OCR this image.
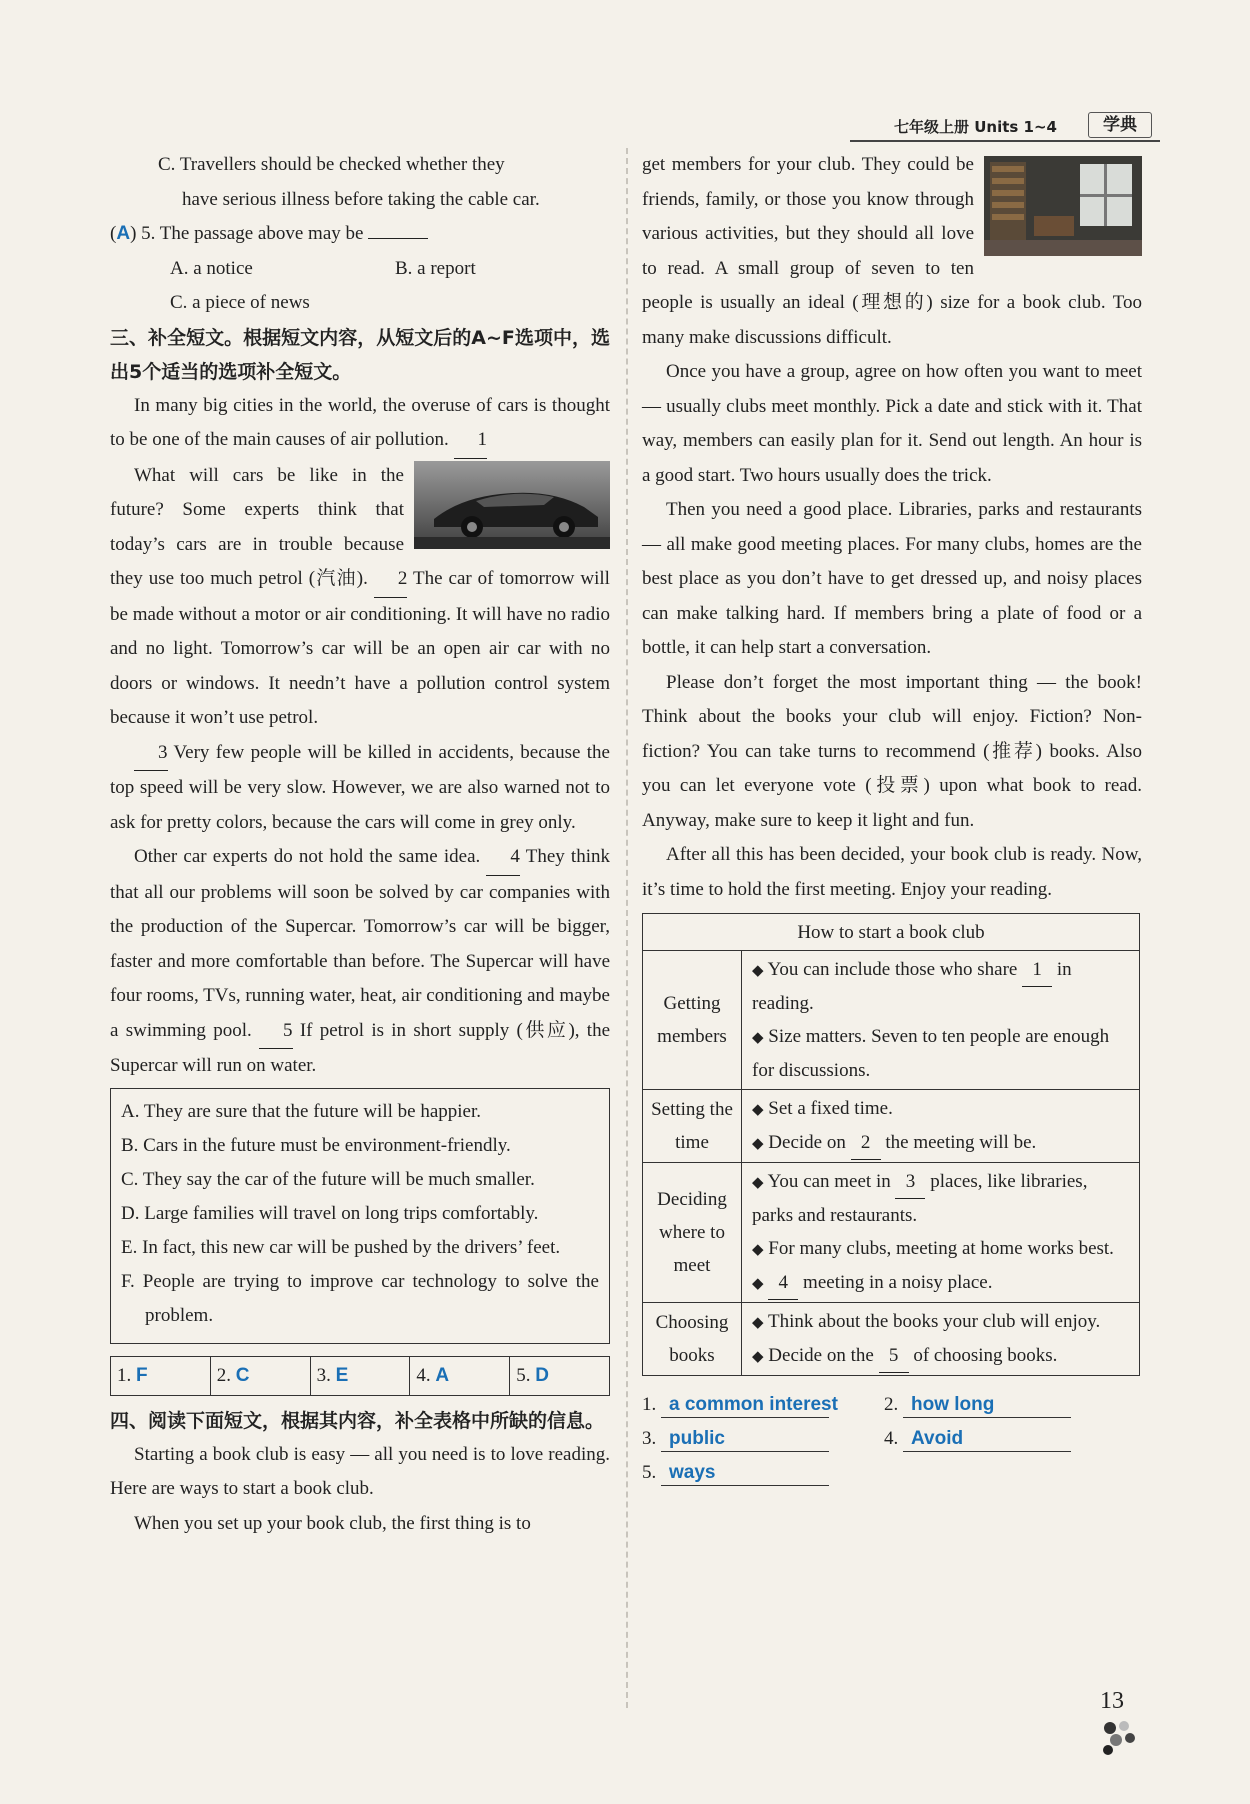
七年级上册 Units 1~4	学典

C. Travellers should be checked whether they

have serious illness before taking the cable car.

(A) 5. The passage above may be

A. a notice	B. a report

C. a piece of news

三、补全短文。根据短文内容，从短文后的A~F选项中，选出5个适当的选项补全短文。

In many big cities in the world, the overuse of cars is thought to be one of the main causes of air pollution. 1

What will cars be like in the future? Some experts think that today’s cars are in trouble because they use too much petrol (汽油). 2 The car of tomorrow will be made without a motor or air conditioning. It will have no radio and no light. Tomorrow’s car will be an open air car with no doors or windows. It needn’t have a pollution control system because it won’t use petrol.

3 Very few people will be killed in accidents, because the top speed will be very slow. However, we are also warned not to ask for pretty colors, because the cars will come in grey only.

Other car experts do not hold the same idea. 4 They think that all our problems will soon be solved by car companies with the production of the Supercar. Tomorrow’s car will be bigger, faster and more comfortable than before. The Supercar will have four rooms, TVs, running water, heat, air conditioning and maybe a swimming pool. 5 If petrol is in short supply (供应), the Supercar will run on water.

A. They are sure that the future will be happier.

B. Cars in the future must be environment-friendly.

C. They say the car of the future will be much smaller.

D. Large families will travel on long trips comfortably.

E. In fact, this new car will be pushed by the drivers’ feet.

F. People are trying to improve car technology to solve the problem.

1. F	2. C	3. E	4. A	5. D

四、阅读下面短文，根据其内容，补全表格中所缺的信息。

Starting a book club is easy — all you need is to love reading. Here are ways to start a book club.

When you set up your book club, the first thing is to

get members for your club. They could be friends, family, or those you know through various activities, but they should all love to read. A small group of seven to ten people is usually an ideal (理想的) size for a book club. Too many make discussions difficult.

Once you have a group, agree on how often you want to meet — usually clubs meet monthly. Pick a date and stick with it. That way, members can easily plan for it. Send out length. An hour is a good start. Two hours usually does the trick.

Then you need a good place. Libraries, parks and restaurants — all make good meeting places. For many clubs, homes are the best place as you don’t have to get dressed up, and noisy places can make talking hard. If members bring a plate of food or a bottle, it can help start a conversation.

Please don’t forget the most important thing — the book! Think about the books your club will enjoy. Fiction? Non-fiction? You can take turns to recommend (推荐) books. Also you can let everyone vote (投票) upon what book to read. Anyway, make sure to keep it light and fun.

After all this has been decided, your book club is ready. Now, it’s time to hold the first meeting. Enjoy your reading.

How to start a book club	
Getting members	◆ You can include those who share 1 in reading.
◆ Size matters. Seven to ten people are enough for discussions.

Setting the time	◆ Set a fixed time.
◆ Decide on 2 the meeting will be.

Deciding where to meet	◆ You can meet in 3 places, like libraries, parks and restaurants.
◆ For many clubs, meeting at home works best.
◆ 4 meeting in a noisy place.

Choosing books	◆ Think about the books your club will enjoy.
◆ Decide on the 5 of choosing books.
1. a common interest	2. how long
3. public	4. Avoid
5. ways
13
